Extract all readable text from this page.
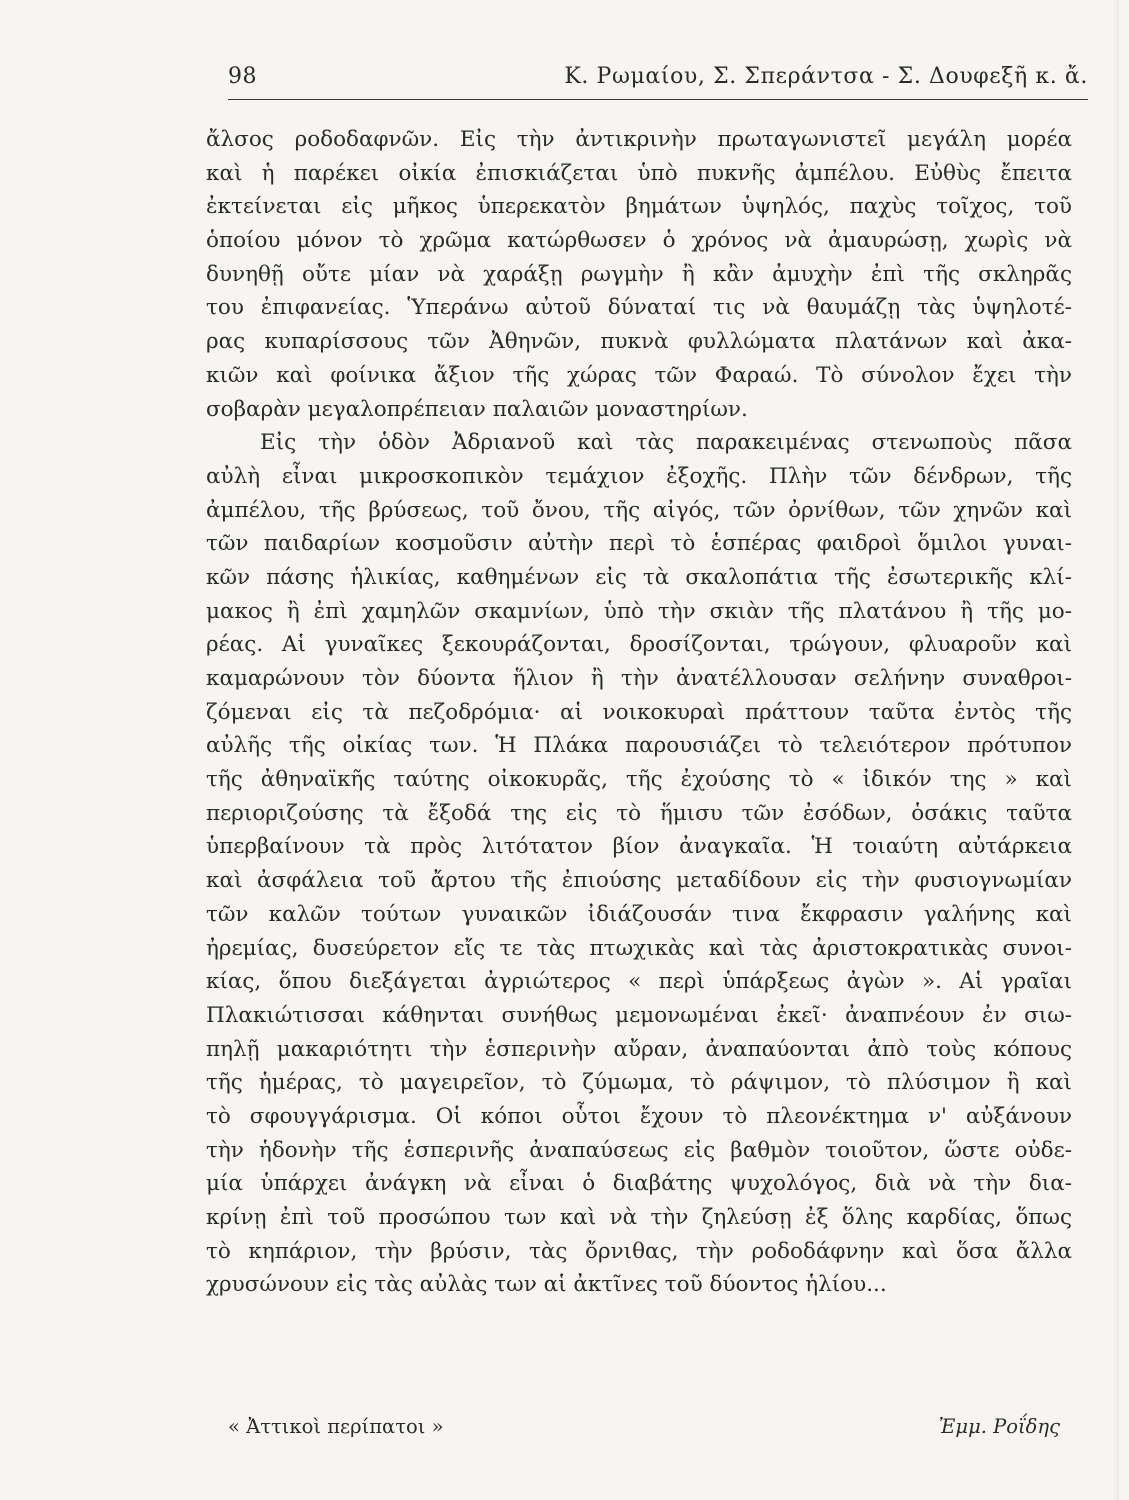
98	Κ. Ρωμαίου, Σ. Σπεράντσα - Σ. Δουφεξῆ κ. ἄ.
ἄλσος ροδοδαφνῶν. Εἰς τὴν ἀντικρινὴν πρωταγωνιστεῖ μεγάλη μορέα
καὶ ἡ παρέκει οἰκία ἐπισκιάζεται ὑπὸ πυκνῆς ἀμπέλου. Εὐθὺς ἔπειτα
ἐκτείνεται εἰς μῆκος ὑπερεκατὸν βημάτων ὑψηλός, παχὺς τοῖχος, τοῦ
ὁποίου μόνον τὸ χρῶμα κατώρθωσεν ὁ χρόνος νὰ ἀμαυρώσῃ, χωρὶς νὰ
δυνηθῇ οὔτε μίαν νὰ χαράξῃ ρωγμὴν ἢ κἂν ἀμυχὴν ἐπὶ τῆς σκληρᾶς
του ἐπιφανείας. Ὑπεράνω αὐτοῦ δύναταί τις νὰ θαυμάζῃ τὰς ὑψηλοτέ-
ρας κυπαρίσσους τῶν Ἀθηνῶν, πυκνὰ φυλλώματα πλατάνων καὶ ἀκα-
κιῶν καὶ φοίνικα ἄξιον τῆς χώρας τῶν Φαραώ. Τὸ σύνολον ἔχει τὴν
σοβαρὰν μεγαλοπρέπειαν παλαιῶν μοναστηρίων.
Εἰς τὴν ὁδὸν Ἀδριανοῦ καὶ τὰς παρακειμένας στενωποὺς πᾶσα
αὐλὴ εἶναι μικροσκοπικὸν τεμάχιον ἐξοχῆς. Πλὴν τῶν δένδρων, τῆς
ἀμπέλου, τῆς βρύσεως, τοῦ ὄνου, τῆς αἰγός, τῶν ὀρνίθων, τῶν χηνῶν καὶ
τῶν παιδαρίων κοσμοῦσιν αὐτὴν περὶ τὸ ἑσπέρας φαιδροὶ ὅμιλοι γυναι-
κῶν πάσης ἡλικίας, καθημένων εἰς τὰ σκαλοπάτια τῆς ἐσωτερικῆς κλί-
μακος ἢ ἐπὶ χαμηλῶν σκαμνίων, ὑπὸ τὴν σκιὰν τῆς πλατάνου ἢ τῆς μο-
ρέας. Αἱ γυναῖκες ξεκουράζονται, δροσίζονται, τρώγουν, φλυαροῦν καὶ
καμαρώνουν τὸν δύοντα ἥλιον ἢ τὴν ἀνατέλλουσαν σελήνην συναθροι-
ζόμεναι εἰς τὰ πεζοδρόμια· αἱ νοικοκυραὶ πράττουν ταῦτα ἐντὸς τῆς
αὐλῆς τῆς οἰκίας των. Ἡ Πλάκα παρουσιάζει τὸ τελειότερον πρότυπον
τῆς ἀθηναϊκῆς ταύτης οἰκοκυρᾶς, τῆς ἐχούσης τὸ « ἰδικόν της » καὶ
περιοριζούσης τὰ ἔξοδά της εἰς τὸ ἥμισυ τῶν ἐσόδων, ὁσάκις ταῦτα
ὑπερβαίνουν τὰ πρὸς λιτότατον βίον ἀναγκαῖα. Ἡ τοιαύτη αὐτάρκεια
καὶ ἀσφάλεια τοῦ ἄρτου τῆς ἐπιούσης μεταδίδουν εἰς τὴν φυσιογνωμίαν
τῶν καλῶν τούτων γυναικῶν ἰδιάζουσάν τινα ἔκφρασιν γαλήνης καὶ
ἠρεμίας, δυσεύρετον εἴς τε τὰς πτωχικὰς καὶ τὰς ἀριστοκρατικὰς συνοι-
κίας, ὅπου διεξάγεται ἀγριώτερος « περὶ ὑπάρξεως ἀγὼν ». Αἱ γραῖαι
Πλακιώτισσαι κάθηνται συνήθως μεμονωμέναι ἐκεῖ· ἀναπνέουν ἐν σιω-
πηλῇ μακαριότητι τὴν ἑσπερινὴν αὔραν, ἀναπαύονται ἀπὸ τοὺς κόπους
τῆς ἡμέρας, τὸ μαγειρεῖον, τὸ ζύμωμα, τὸ ράψιμον, τὸ πλύσιμον ἢ καὶ
τὸ σφουγγάρισμα. Οἱ κόποι οὗτοι ἔχουν τὸ πλεονέκτημα ν' αὐξάνουν
τὴν ἡδονὴν τῆς ἑσπερινῆς ἀναπαύσεως εἰς βαθμὸν τοιοῦτον, ὥστε οὐδε-
μία ὑπάρχει ἀνάγκη νὰ εἶναι ὁ διαβάτης ψυχολόγος, διὰ νὰ τὴν δια-
κρίνῃ ἐπὶ τοῦ προσώπου των καὶ νὰ τὴν ζηλεύσῃ ἐξ ὅλης καρδίας, ὅπως
τὸ κηπάριον, τὴν βρύσιν, τὰς ὄρνιθας, τὴν ροδοδάφνην καὶ ὅσα ἄλλα
χρυσώνουν εἰς τὰς αὐλὰς των αἱ ἀκτῖνες τοῦ δύοντος ἡλίου...
« Ἀττικοὶ περίπατοι »	Ἐμμ. Ροΐδης
